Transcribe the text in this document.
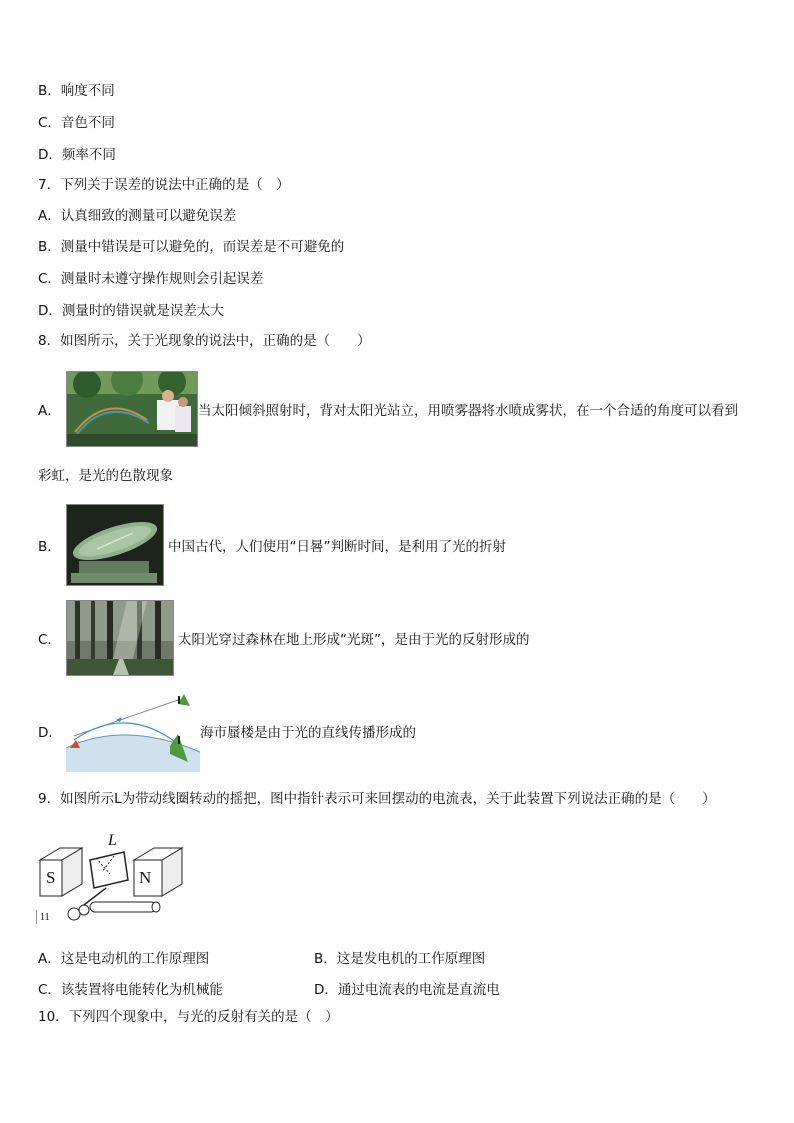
B．响度不同
C．音色不同
D．频率不同
7．下列关于误差的说法中正确的是（　）
A．认真细致的测量可以避免误差
B．测量中错误是可以避免的，而误差是不可避免的
C．测量时未遵守操作规则会引起误差
D．测量时的错误就是误差太大
8．如图所示，关于光现象的说法中，正确的是（　　）
A．	当太阳倾斜照射时，背对太阳光站立，用喷雾器将水喷成雾状，在一个合适的角度可以看到
彩虹，是光的色散现象
B．	中国古代，人们使用“日晷”判断时间，是利用了光的折射
C．	太阳光穿过森林在地上形成“光斑”，是由于光的反射形成的
D．	海市蜃楼是由于光的直线传播形成的
9．如图所示L为带动线圈转动的摇把，图中指针表示可来回摆动的电流表，关于此装置下列说法正确的是（　　）
S	N
L
11
A．这是电动机的工作原理图	B．这是发电机的工作原理图
C．该装置将电能转化为机械能	D．通过电流表的电流是直流电
10．下列四个现象中，与光的反射有关的是（　）
